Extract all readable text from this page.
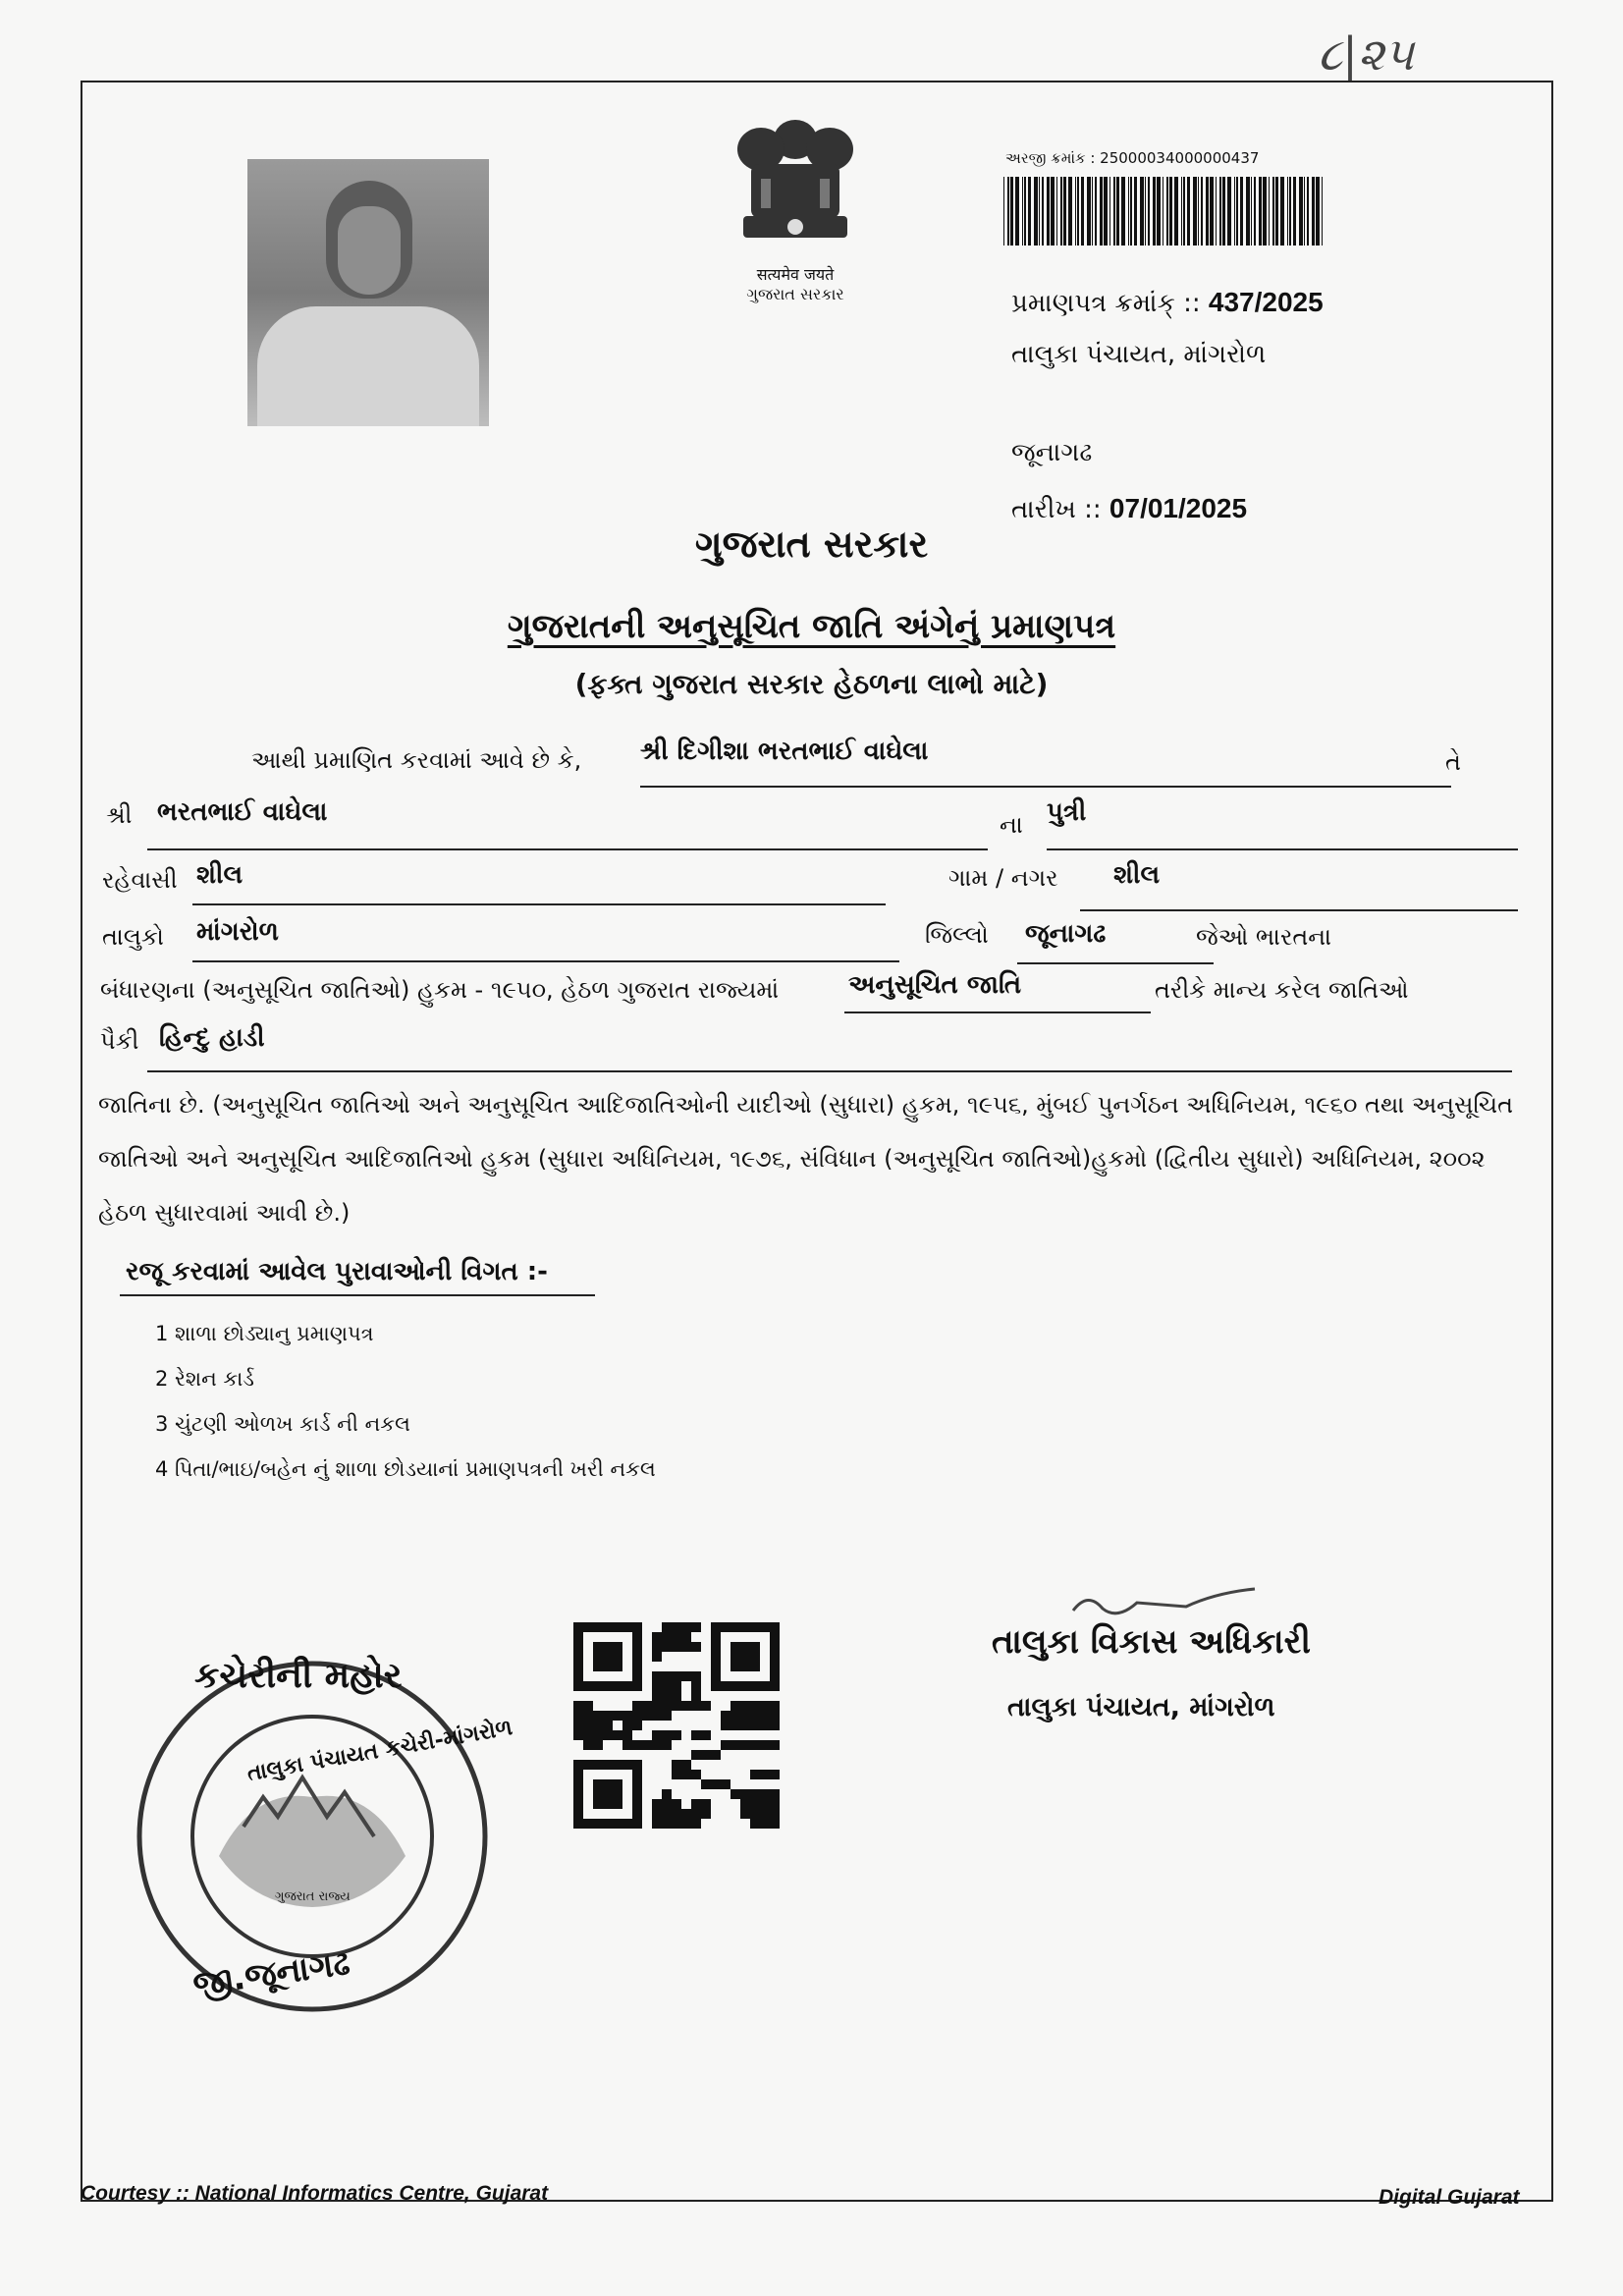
૮|૨૫
सत्यमेव जयते
ગુજરાત સરકાર
અરજી ક્રમાંક : 25000034000000437
પ્રમાણપત્ર ક્રમાંક્ :: 437/2025
તાલુકા પંચાયત, માંગરોળ
જૂનાગઢ
તારીખ :: 07/01/2025
ગુજરાત સરકાર
ગુજરાતની અનુસૂચિત જાતિ અંગેનું પ્રમાણપત્ર
(ફક્ત ગુજરાત સરકાર હેઠળના લાભો માટે)
આથી પ્રમાણિત કરવામાં આવે છે કે, શ્રી દિગીશા ભરતભાઈ વાઘેલા	તે
શ્રી ભરતભાઈ વાઘેલા	ના પુત્રી
રહેવાસી શીલ	ગામ / નગર શીલ
તાલુકો માંગરોળ	જિલ્લો જૂનાગઢ	જેઓ ભારતના
બંધારણના (અનુસૂચિત જાતિઓ) હુકમ - ૧૯૫૦, હેઠળ ગુજરાત રાજ્યમાં	અનુસૂચિત જાતિ	તરીકે માન્ય કરેલ જાતિઓ
પૈકી હિન્દુ હાડી
જાતિના છે. (અનુસૂચિત જાતિઓ અને અનુસૂચિત આદિજાતિઓની યાદીઓ (સુધારા) હુકમ, ૧૯૫૬, મુંબઈ પુનર્ગઠન અધિનિયમ, ૧૯૬૦ તથા અનુસૂચિત જાતિઓ અને અનુસૂચિત આદિજાતિઓ હુકમ (સુધારા અધિનિયમ, ૧૯૭૬, સંવિધાન (અનુસૂચિત જાતિઓ)હુકમો (દ્વિતીય સુધારો) અધિનિયમ, ૨૦૦૨ હેઠળ સુધારવામાં આવી છે.)
રજૂ કરવામાં આવેલ પુરાવાઓની વિગત :-
1 શાળા છોડ્યાનુ પ્રમાણપત્ર
2 રેશન કાર્ડ
3 ચુંટણી ઓળખ કાર્ડ ની નકલ
4 પિતા/ભાઇ/બહેન નું શાળા છોડયાનાં પ્રમાણપત્રની ખરી નકલ
કચેરીની મહોર
જી.જૂનાગઢ
તાલુકા પંચાયત કચેરી-માંગરોળ
ગુજરાત રાજ્ય
તાલુકા વિકાસ અધિકારી
તાલુકા પંચાયત, માંગરોળ
Courtesy :: National Informatics Centre, Gujarat	Digital Gujarat
